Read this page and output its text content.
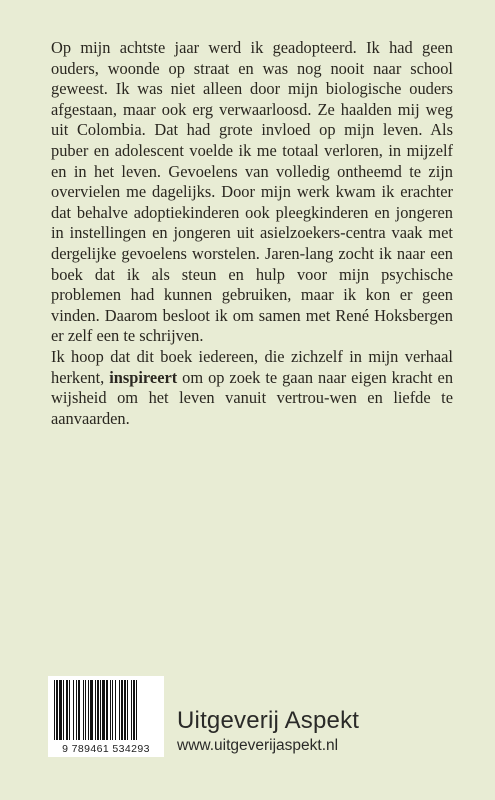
Op mijn achtste jaar werd ik geadopteerd. Ik had geen ouders, woonde op straat en was nog nooit naar school geweest. Ik was niet alleen door mijn biologische ouders afgestaan, maar ook erg verwaarloosd. Ze haalden mij weg uit Colombia. Dat had grote invloed op mijn leven. Als puber en adolescent voelde ik me totaal verloren, in mijzelf en in het leven. Gevoelens van volledig ontheemd te zijn overvielen me dagelijks. Door mijn werk kwam ik erachter dat behalve adoptiekinderen ook pleegkinderen en jongeren in instellingen en jongeren uit asielzoekers-centra vaak met dergelijke gevoelens worstelen. Jaren-lang zocht ik naar een boek dat ik als steun en hulp voor mijn psychische problemen had kunnen gebruiken, maar ik kon er geen vinden. Daarom besloot ik om samen met René Hoksbergen er zelf een te schrijven.

Ik hoop dat dit boek iedereen, die zichzelf in mijn verhaal herkent, inspireert om op zoek te gaan naar eigen kracht en wijsheid om het leven vanuit vertrou-wen en liefde te aanvaarden.

9 789461 534293
Uitgeverij Aspekt
www.uitgeverijaspekt.nl
